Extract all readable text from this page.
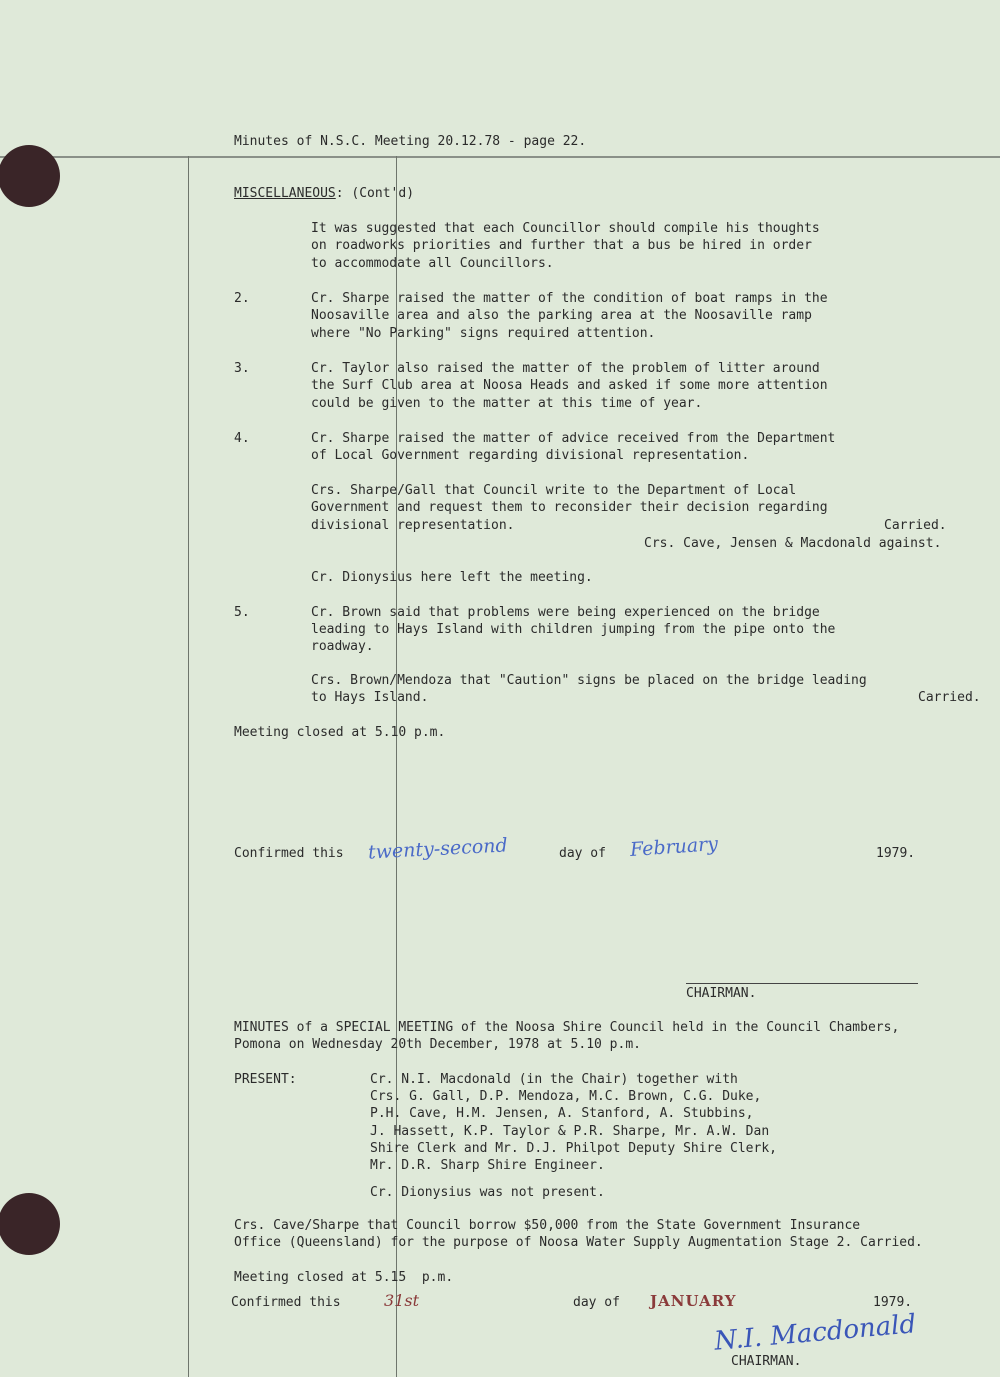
Minutes of N.S.C. Meeting 20.12.78 - page 22.
MISCELLANEOUS: (Cont'd)
It was suggested that each Councillor should compile his thoughts
on roadworks priorities and further that a bus be hired in order
to accommodate all Councillors.
2.	Cr. Sharpe raised the matter of the condition of boat ramps in the
Noosaville area and also the parking area at the Noosaville ramp
where "No Parking" signs required attention.
3.	Cr. Taylor also raised the matter of the problem of litter around
the Surf Club area at Noosa Heads and asked if some more attention
could be given to the matter at this time of year.
4.	Cr. Sharpe raised the matter of advice received from the Department
of Local Government regarding divisional representation.
Crs. Sharpe/Gall that Council write to the Department of Local
Government and request them to reconsider their decision regarding
divisional representation.	Carried.
Crs. Cave, Jensen & Macdonald against.
Cr. Dionysius here left the meeting.
5.	Cr. Brown said that problems were being experienced on the bridge
leading to Hays Island with children jumping from the pipe onto the
roadway.
Crs. Brown/Mendoza that "Caution" signs be placed on the bridge leading
to Hays Island.	Carried.
Meeting closed at 5.10 p.m.
Confirmed this twenty-second	day of February	1979.
CHAIRMAN.
MINUTES of a SPECIAL MEETING of the Noosa Shire Council held in the Council Chambers,
Pomona on Wednesday 20th December, 1978 at 5.10 p.m.
PRESENT:	Cr. N.I. Macdonald (in the Chair) together with
Crs. G. Gall, D.P. Mendoza, M.C. Brown, C.G. Duke,
P.H. Cave, H.M. Jensen, A. Stanford, A. Stubbins,
J. Hassett, K.P. Taylor & P.R. Sharpe, Mr. A.W. Dan
Shire Clerk and Mr. D.J. Philpot Deputy Shire Clerk,
Mr. D.R. Sharp Shire Engineer.
Cr. Dionysius was not present.
Crs. Cave/Sharpe that Council borrow $50,000 from the State Government Insurance
Office (Queensland) for the purpose of Noosa Water Supply Augmentation Stage 2. Carried.
Meeting closed at 5.15  p.m.
Confirmed this	31st	day of JANUARY	1979.
N.I. Macdonald
CHAIRMAN.
